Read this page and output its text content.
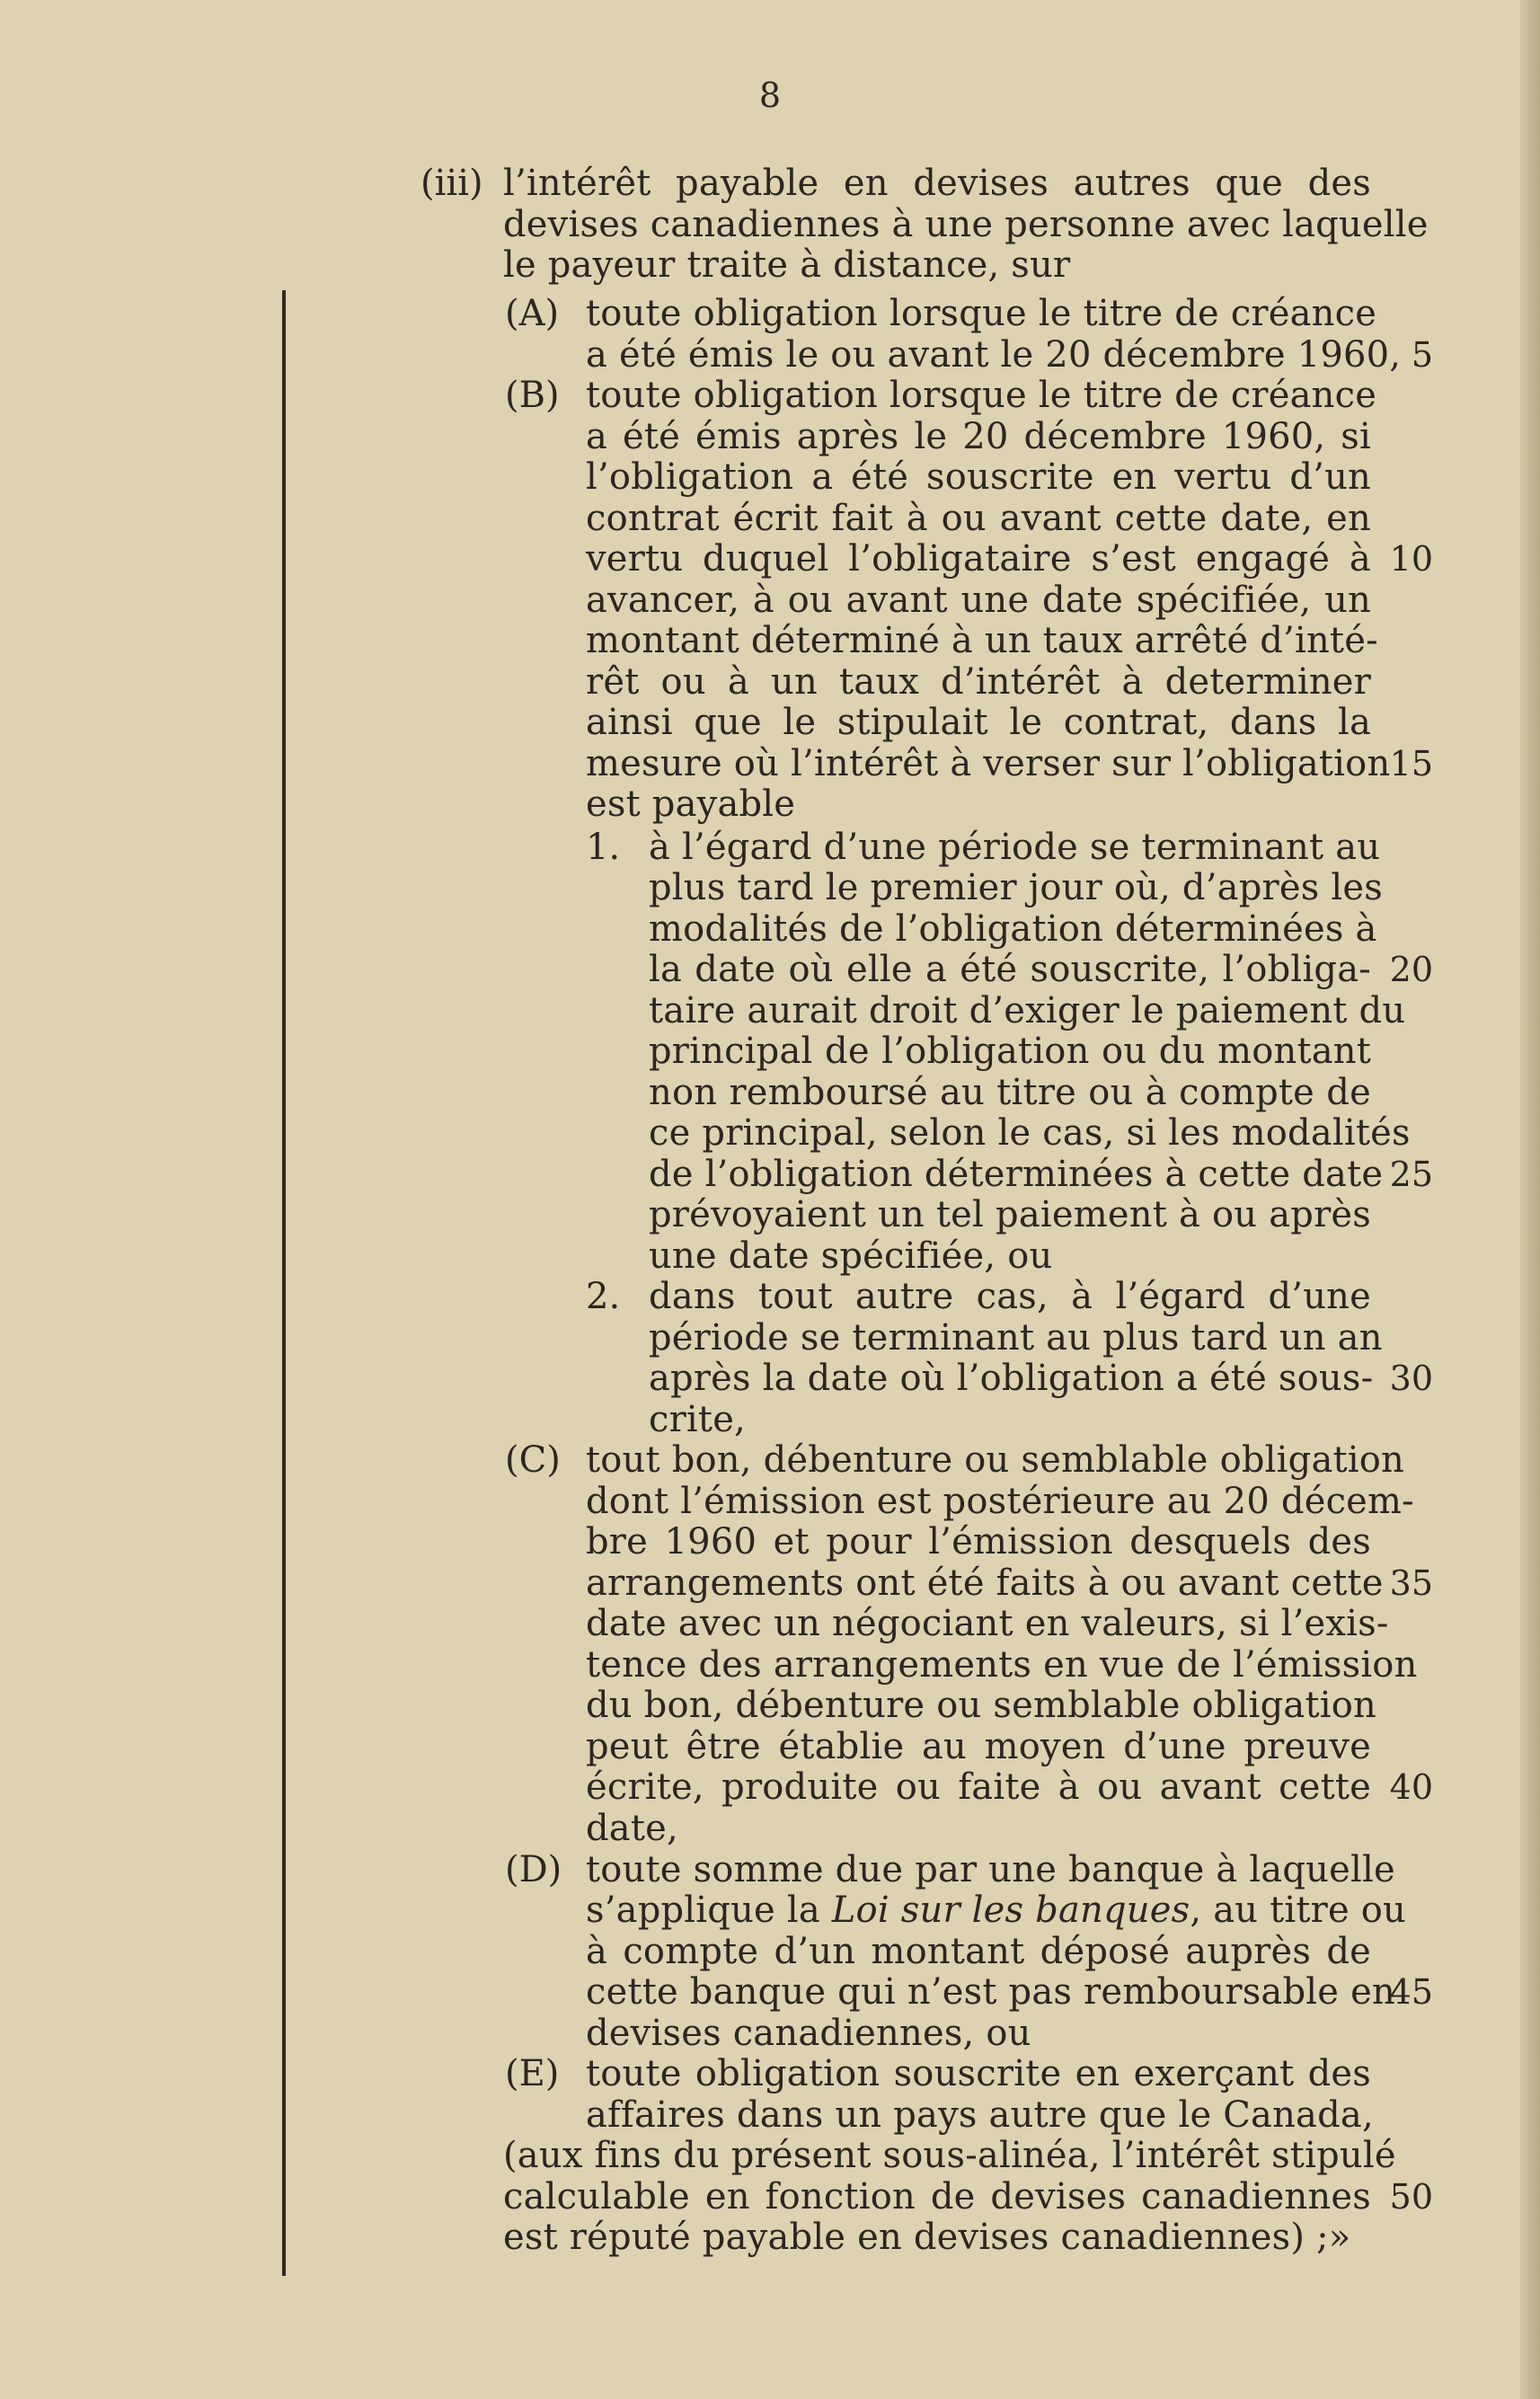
8
(iii)
(A)
(B)
1.
2.
(C)
(D)
(E)
l’intérêt payable en devises autres que des
devises canadiennes à une personne avec laquelle
le payeur traite à distance, sur
toute obligation lorsque le titre de créance
a été émis le ou avant le 20 décembre 1960,
toute obligation lorsque le titre de créance
a été émis après le 20 décembre 1960, si
l’obligation a été souscrite en vertu d’un
contrat écrit fait à ou avant cette date, en
vertu duquel l’obligataire s’est engagé à
avancer, à ou avant une date spécifiée, un
montant déterminé à un taux arrêté d’inté-
rêt ou à un taux d’intérêt à determiner
ainsi que le stipulait le contrat, dans la
mesure où l’intérêt à verser sur l’obligation
est payable
à l’égard d’une période se terminant au
plus tard le premier jour où, d’après les
modalités de l’obligation déterminées à
la date où elle a été souscrite, l’obliga-
taire aurait droit d’exiger le paiement du
principal de l’obligation ou du montant
non remboursé au titre ou à compte de
ce principal, selon le cas, si les modalités
de l’obligation déterminées à cette date
prévoyaient un tel paiement à ou après
une date spécifiée, ou
dans tout autre cas, à l’égard d’une
période se terminant au plus tard un an
après la date où l’obligation a été sous-
crite,
tout bon, débenture ou semblable obligation
dont l’émission est postérieure au 20 décem-
bre 1960 et pour l’émission desquels des
arrangements ont été faits à ou avant cette
date avec un négociant en valeurs, si l’exis-
tence des arrangements en vue de l’émission
du bon, débenture ou semblable obligation
peut être établie au moyen d’une preuve
écrite, produite ou faite à ou avant cette
date,
toute somme due par une banque à laquelle
s’applique la Loi sur les banques, au titre ou
à compte d’un montant déposé auprès de
cette banque qui n’est pas remboursable en
devises canadiennes, ou
toute obligation souscrite en exerçant des
affaires dans un pays autre que le Canada,
(aux fins du présent sous-alinéa, l’intérêt stipulé
calculable en fonction de devises canadiennes
est réputé payable en devises canadiennes) ;»
5
10
15
20
25
30
35
40
45
50
